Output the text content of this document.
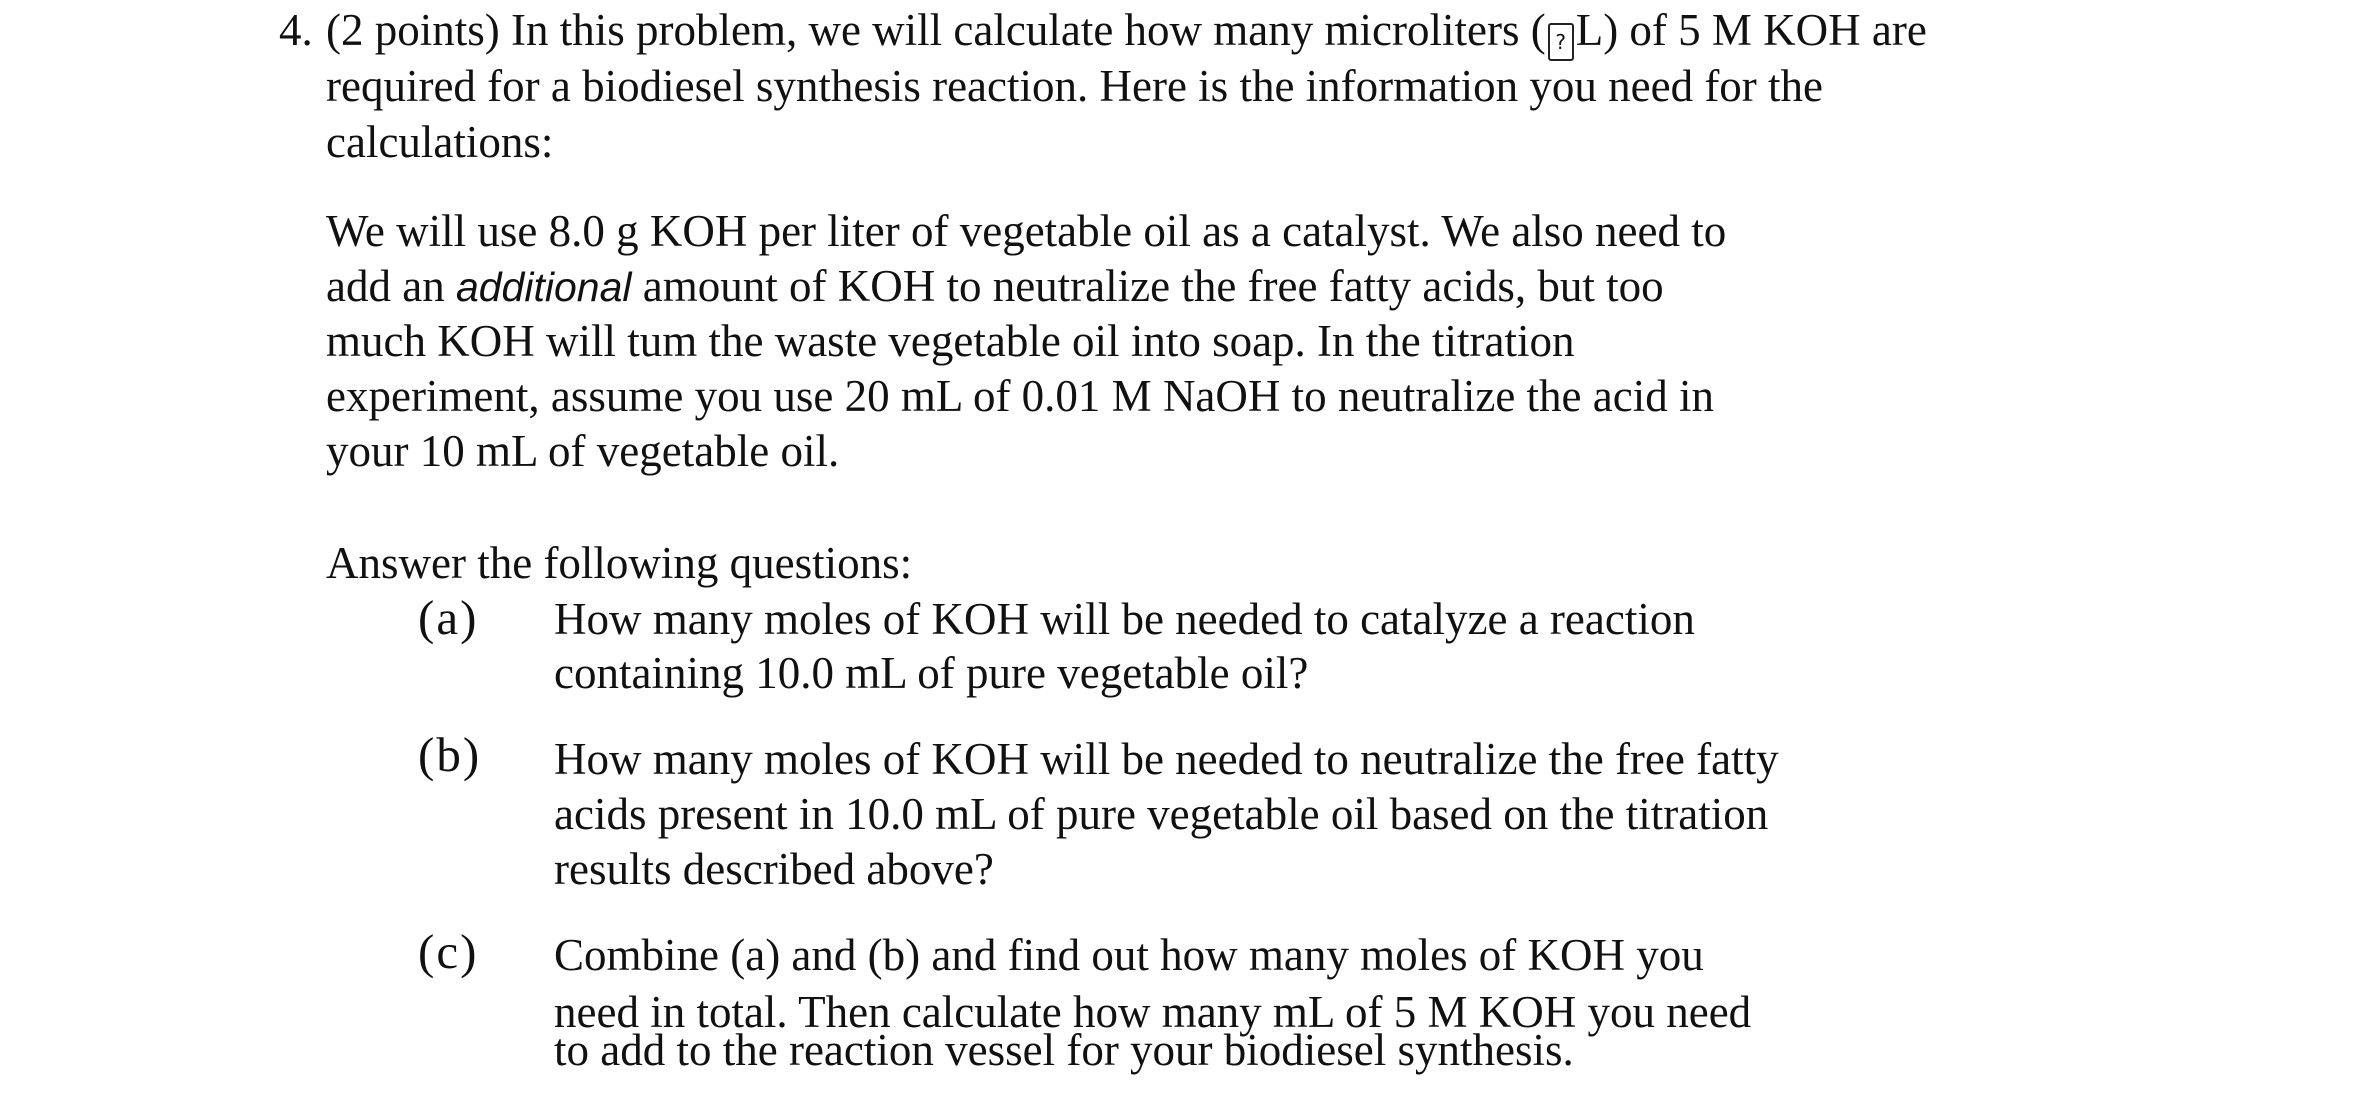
4. (2 points) In this problem, we will calculate how many microliters ( ? L) of 5 M KOH are
required for a biodiesel synthesis reaction. Here is the information you need for the
calculations:
We will use 8.0 g KOH per liter of vegetable oil as a catalyst. We also need to
add an additional amount of KOH to neutralize the free fatty acids, but too
much KOH will tum the waste vegetable oil into soap. In the titration
experiment, assume you use 20 mL of 0.01 M NaOH to neutralize the acid in
your 10 mL of vegetable oil.
Answer the following questions:
(a) How many moles of KOH will be needed to catalyze a reaction
containing 10.0 mL of pure vegetable oil?
(b) How many moles of KOH will be needed to neutralize the free fatty
acids present in 10.0 mL of pure vegetable oil based on the titration
results described above?
(c) Combine (a) and (b) and find out how many moles of KOH you
need in total. Then calculate how many mL of 5 M KOH you need
to add to the reaction vessel for your biodiesel synthesis.
